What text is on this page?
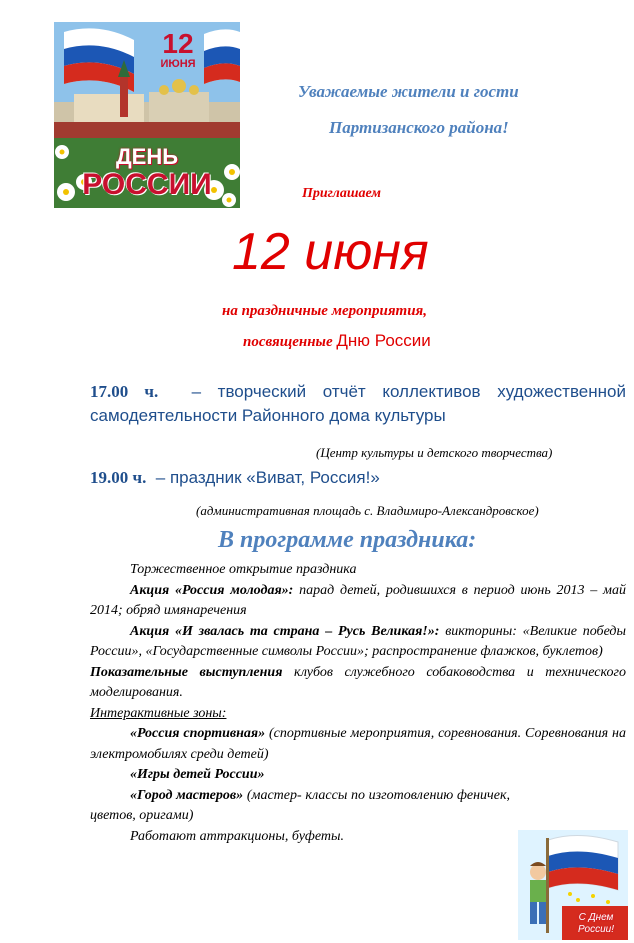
12
ИЮНЯ
ДЕНЬ
РОССИИ
Уважаемые жители и гости
Партизанского района!
Приглашаем
12 июня
на праздничные мероприятия,
посвященные Дню России
17.00 ч. – творческий отчёт коллективов художественной самодеятельности Районного дома культуры
(Центр культуры и детского творчества)
19.00 ч. – праздник «Виват, Россия!»
(административная площадь с. Владимиро-Александровское)
В программе праздника:

Торжественное открытие праздника

Акция «Россия молодая»: парад детей, родившихся в период июнь 2013 – май 2014; обряд имянаречения

Акция «И звалась та страна – Русь Великая!»: викторины: «Великие победы России», «Государственные символы России»; распространение флажков, буклетов)

Показательные выступления клубов служебного собаководства и технического моделирования.

Интерактивные зоны:

«Россия спортивная» (спортивные мероприятия, соревнования. Соревнования на электромобилях среди детей)

«Игры детей России»

«Город мастеров» (мастер- классы по изготовлению феничек, цветов, оригами)

Работают аттракционы, буфеты.

С Днем России!
